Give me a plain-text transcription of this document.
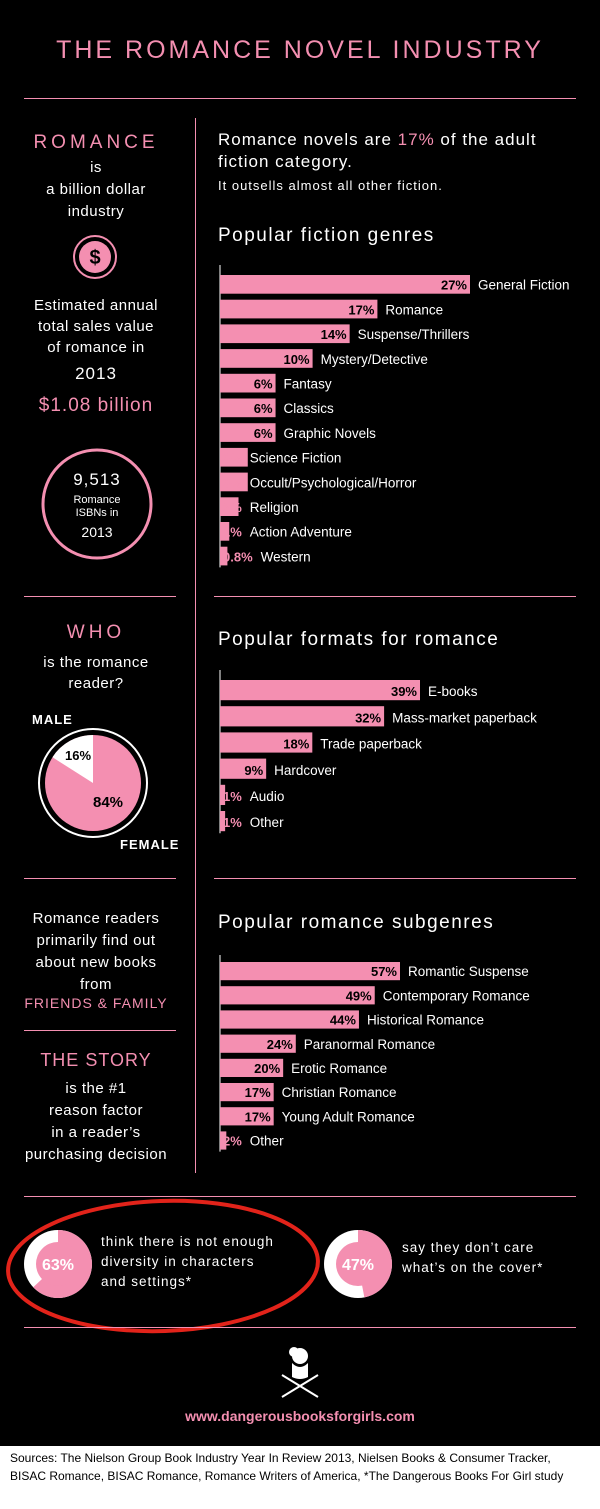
THE ROMANCE NOVEL INDUSTRY
ROMANCE
is
a billion dollar
industry
$
Estimated annual
total sales value
of romance in
2013
$1.08 billion
9,513
Romance
ISBNs in
2013
Romance novels are 17% of the adult
fiction category.
It outsells almost all other fiction.
Popular fiction genres
27% General Fiction
17% Romance
14% Suspense/Thrillers
10% Mystery/Detective
6% Fantasy
6% Classics
6% Graphic Novels
3% Science Fiction
3% Occult/Psychological/Horror
2% Religion
1% Action Adventure
0.8% Western
WHO
is the romance
reader?
MALE
16%
84%
FEMALE
Popular formats for romance
39% E-books
32% Mass-market paperback
18% Trade paperback
9% Hardcover
1% Audio
1% Other
Romance readers
primarily find out
about new books
from
FRIENDS & FAMILY
THE STORY
is the #1
reason factor
in a reader’s
purchasing decision
Popular romance subgenres
57% Romantic Suspense
49% Contemporary Romance
44% Historical Romance
24% Paranormal Romance
20% Erotic Romance
17% Christian Romance
17% Young Adult Romance
2% Other
63%
think there is not enough
diversity in characters
and settings*
47%
say they don’t care
what’s on the cover*
www.dangerousbooksforgirls.com
Sources: The Nielson Group Book Industry Year In Review 2013, Nielsen Books & Consumer Tracker,
BISAC Romance, BISAC Romance, Romance Writers of America, *The Dangerous Books For Girl study
